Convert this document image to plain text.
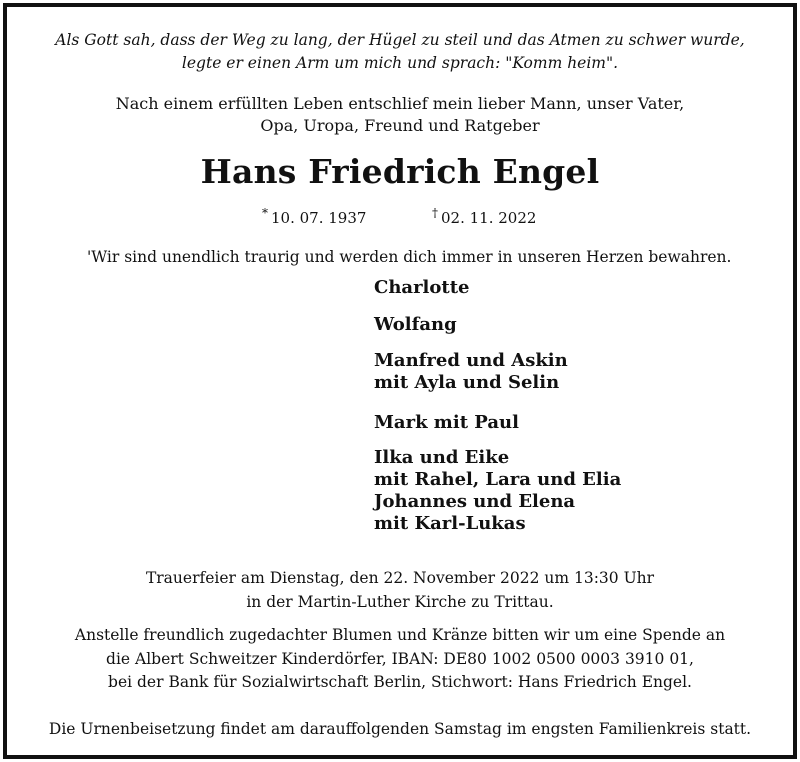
Als Gott sah, dass der Weg zu lang, der Hügel zu steil und das Atmen zu schwer wurde,
legte er einen Arm um mich und sprach: "Komm heim".
Nach einem erfüllten Leben entschlief mein lieber Mann, unser Vater,
Opa, Uropa, Freund und Ratgeber
Hans Friedrich Engel
* 10. 07. 1937	† 02. 11. 2022
'Wir sind unendlich traurig und werden dich immer in unseren Herzen bewahren.
Charlotte
Wolfang
Manfred und Askin
mit Ayla und Selin
Mark mit Paul
Ilka und Eike
mit Rahel, Lara und Elia
Johannes und Elena
mit Karl-Lukas
Trauerfeier am Dienstag, den 22. November 2022 um 13:30 Uhr
in der Martin-Luther Kirche zu Trittau.
Anstelle freundlich zugedachter Blumen und Kränze bitten wir um eine Spende an
die Albert Schweitzer Kinderdörfer, IBAN: DE80 1002 0500 0003 3910 01,
bei der Bank für Sozialwirtschaft Berlin, Stichwort: Hans Friedrich Engel.
Die Urnenbeisetzung findet am darauffolgenden Samstag im engsten Familienkreis statt.
